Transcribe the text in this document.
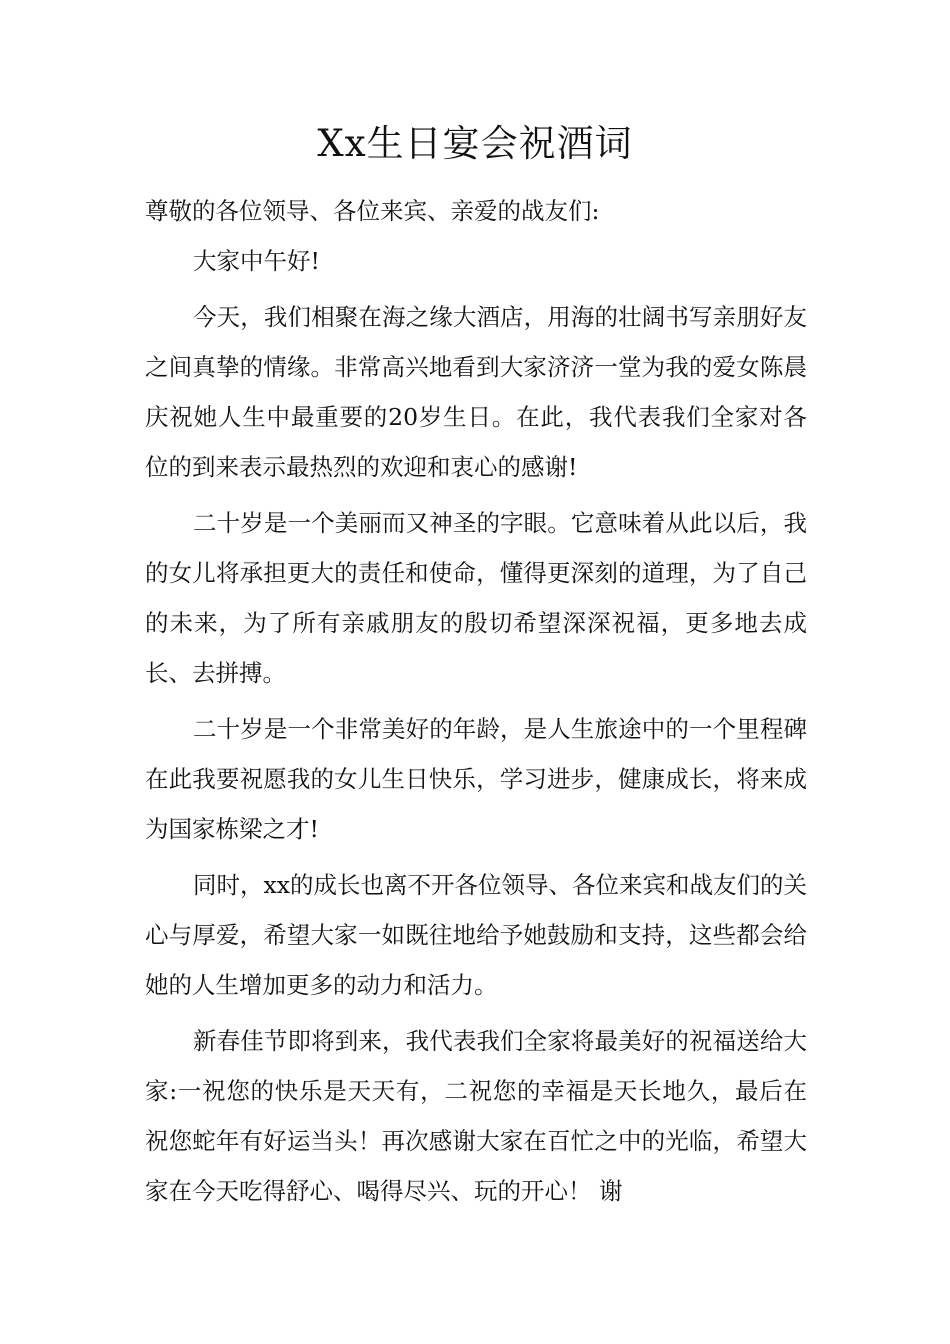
Xx生日宴会祝酒词

尊敬的各位领导、各位来宾、亲爱的战友们:

大家中午好!

今天，我们相聚在海之缘大酒店，用海的壮阔书写亲朋好友之间真挚的情缘。非常高兴地看到大家济济一堂为我的爱女陈晨庆祝她人生中最重要的20岁生日。在此，我代表我们全家对各位的到来表示最热烈的欢迎和衷心的感谢!

二十岁是一个美丽而又神圣的字眼。它意味着从此以后，我的女儿将承担更大的责任和使命，懂得更深刻的道理，为了自己的未来，为了所有亲戚朋友的殷切希望深深祝福，更多地去成长、去拼搏。

二十岁是一个非常美好的年龄，是人生旅途中的一个里程碑在此我要祝愿我的女儿生日快乐，学习进步，健康成长，将来成为国家栋梁之才!

同时，xx的成长也离不开各位领导、各位来宾和战友们的关心与厚爱，希望大家一如既往地给予她鼓励和支持，这些都会给她的人生增加更多的动力和活力。

新春佳节即将到来，我代表我们全家将最美好的祝福送给大家:一祝您的快乐是天天有，二祝您的幸福是天长地久，最后在祝您蛇年有好运当头！再次感谢大家在百忙之中的光临，希望大家在今天吃得舒心、喝得尽兴、玩的开心！ 谢
